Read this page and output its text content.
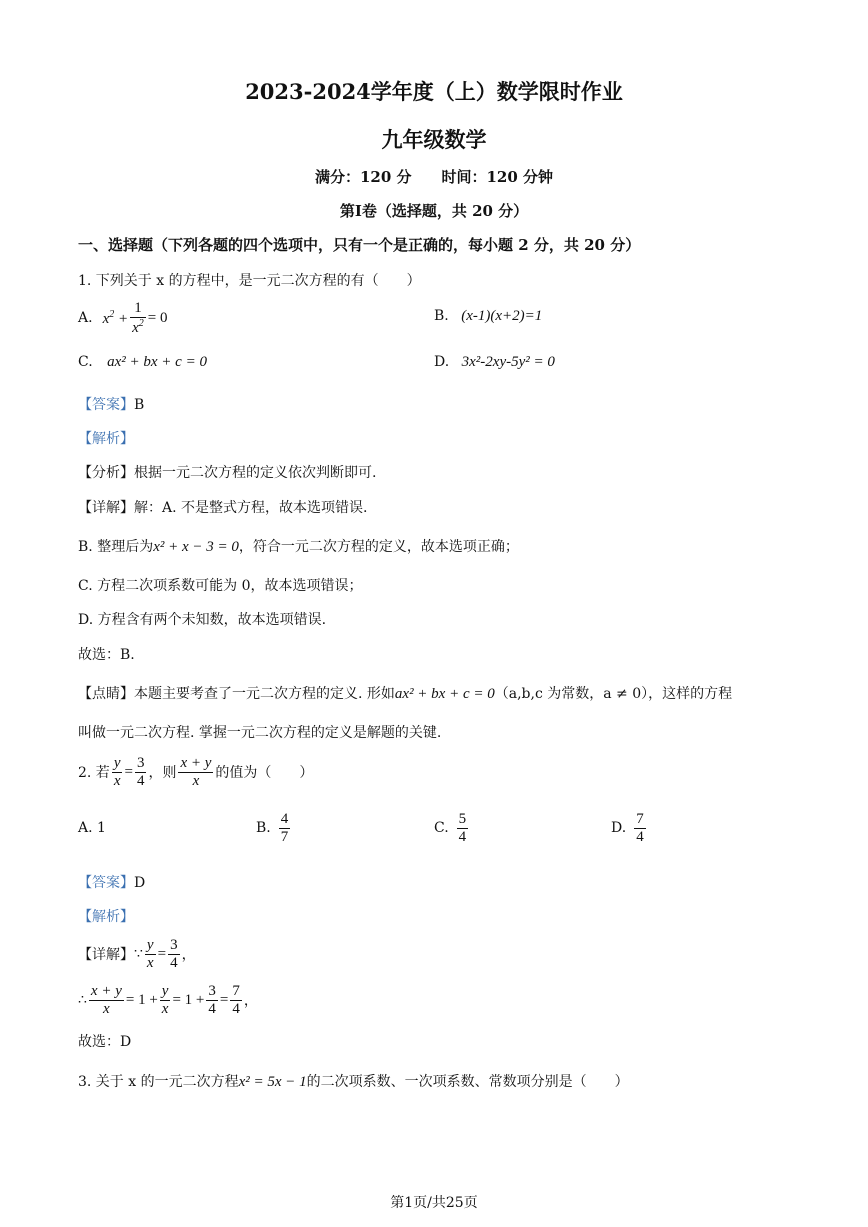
2023-2024学年度（上）数学限时作业
九年级数学
满分：120 分　　时间：120 分钟
第Ⅰ卷（选择题，共 20 分）
一、选择题（下列各题的四个选项中，只有一个是正确的，每小题 2 分，共 20 分）
1. 下列关于 x 的方程中，是一元二次方程的有（　　）
A. $x^2 + \frac{1}{x^2} = 0$	B. (x-1)(x+2)=1
C. ax² + bx + c = 0	D. 3x²-2xy-5y² = 0
【答案】B
【解析】
【分析】根据一元二次方程的定义依次判断即可.
【详解】解：A. 不是整式方程，故本选项错误.
B. 整理后为x² + x − 3 = 0，符合一元二次方程的定义，故本选项正确；
C. 方程二次项系数可能为 0，故本选项错误；
D. 方程含有两个未知数，故本选项错误.
故选：B.
【点睛】本题主要考查了一元二次方程的定义. 形如ax² + bx + c = 0（a,b,c 为常数，a ≠ 0），这样的方程
叫做一元二次方程. 掌握一元二次方程的定义是解题的关键.
2. 若 $\frac{y}{x} = \frac{3}{4}$ ，则 $\frac{x + y}{x}$ 的值为（　　）
A. 1	B. $\frac{4}{7}$	C. $\frac{5}{4}$	D. $\frac{7}{4}$
【答案】D
【解析】
【详解】 ∵ $\frac{y}{x} = \frac{3}{4}$ ，
∴ $\frac{x + y}{x} = 1 + \frac{y}{x} = 1 + \frac{3}{4} = \frac{7}{4}$ ，
故选：D
3. 关于 x 的一元二次方程x² = 5x − 1的二次项系数、一次项系数、常数项分别是（　　）
第1页/共25页
